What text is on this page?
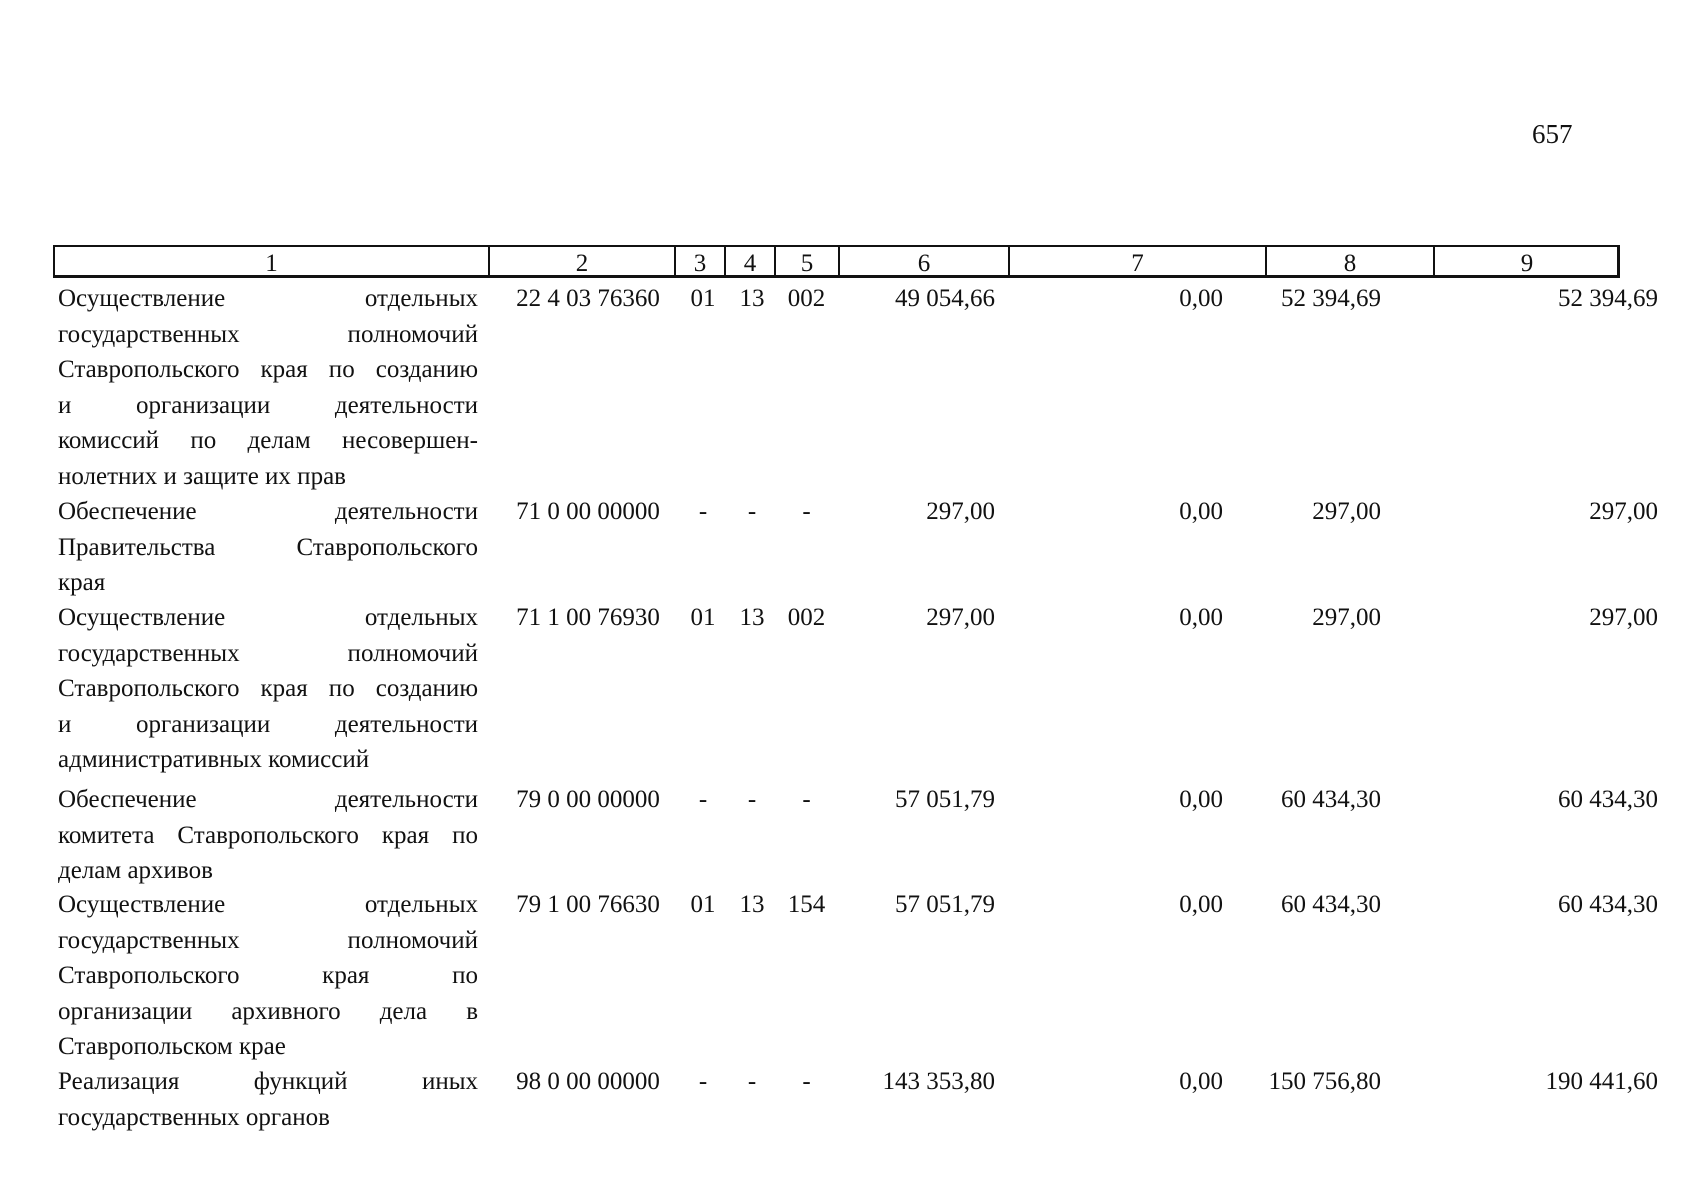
657
1	2	3	4	5	6	7	8	9
Осуществление отдельных
государственных полномочий
Ставропольского края по созданию
и организации деятельности
комиссий по делам несовершен-
нолетних и защите их прав
22 4 03 76360	01 13 002	49 054,66	0,00	52 394,69	52 394,69
Обеспечение деятельности
Правительства Ставропольского
края
71 0 00 00000	-	-	-	297,00	0,00	297,00	297,00
Осуществление отдельных
государственных полномочий
Ставропольского края по созданию
и организации деятельности
административных комиссий
71 1 00 76930	01 13 002	297,00	0,00	297,00	297,00
Обеспечение деятельности
комитета Ставропольского края по
делам архивов
79 0 00 00000	-	-	-	57 051,79	0,00	60 434,30	60 434,30
Осуществление отдельных
государственных полномочий
Ставропольского края по
организации архивного дела в
Ставропольском крае
79 1 00 76630	01 13 154	57 051,79	0,00	60 434,30	60 434,30
Реализация функций иных
государственных органов
98 0 00 00000	-	-	-	143 353,80	0,00	150 756,80	190 441,60
